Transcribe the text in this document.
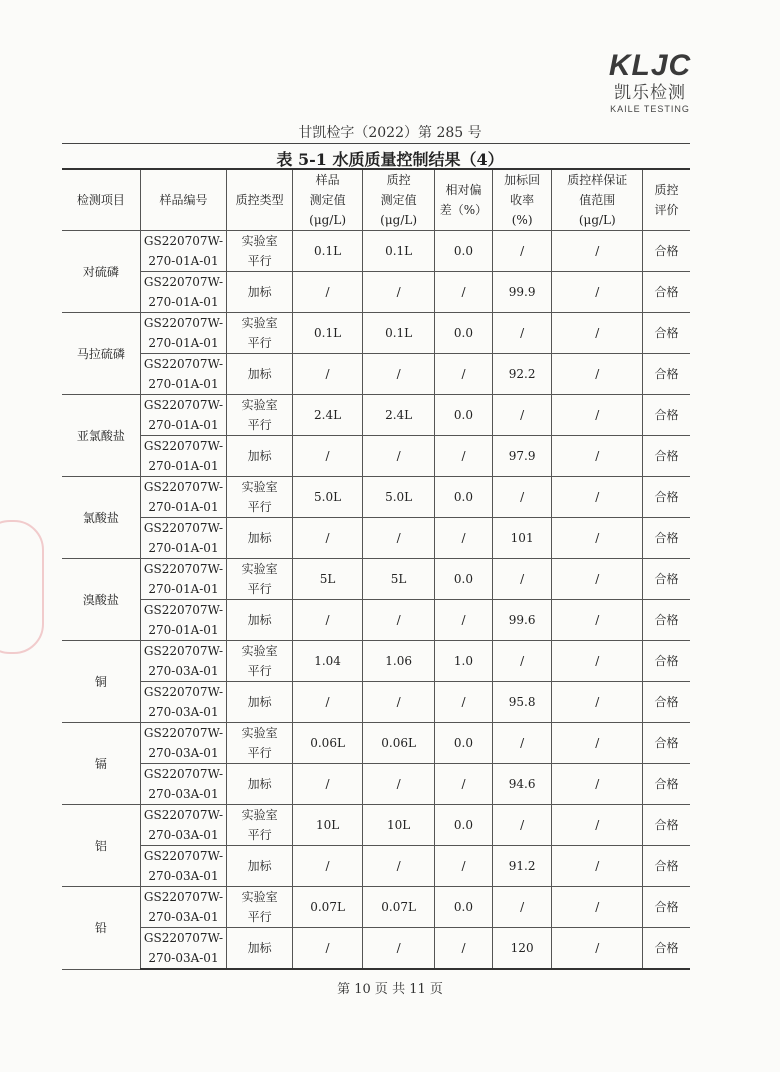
KLJC
凯乐检测
KAILE TESTING
甘凯检字（2022）第 285 号
表 5-1 水质质量控制结果（4）
检测项目	样品编号	质控类型	样品
测定值
(μg/L)	质控
测定值
(μg/L)	相对偏
差（%）	加标回
收率
(%)	质控样保证
值范围
(μg/L)	质控
评价
对硫磷	GS220707W-
270-01A-01	实验室
平行	0.1L	0.1L	0.0	/	/	合格
	GS220707W-
270-01A-01	加标	/	/	/	99.9	/	合格
马拉硫磷	GS220707W-
270-01A-01	实验室
平行	0.1L	0.1L	0.0	/	/	合格
	GS220707W-
270-01A-01	加标	/	/	/	92.2	/	合格
亚氯酸盐	GS220707W-
270-01A-01	实验室
平行	2.4L	2.4L	0.0	/	/	合格
	GS220707W-
270-01A-01	加标	/	/	/	97.9	/	合格
氯酸盐	GS220707W-
270-01A-01	实验室
平行	5.0L	5.0L	0.0	/	/	合格
	GS220707W-
270-01A-01	加标	/	/	/	101	/	合格
溴酸盐	GS220707W-
270-01A-01	实验室
平行	5L	5L	0.0	/	/	合格
	GS220707W-
270-01A-01	加标	/	/	/	99.6	/	合格
铜	GS220707W-
270-03A-01	实验室
平行	1.04	1.06	1.0	/	/	合格
	GS220707W-
270-03A-01	加标	/	/	/	95.8	/	合格
镉	GS220707W-
270-03A-01	实验室
平行	0.06L	0.06L	0.0	/	/	合格
	GS220707W-
270-03A-01	加标	/	/	/	94.6	/	合格
铝	GS220707W-
270-03A-01	实验室
平行	10L	10L	0.0	/	/	合格
	GS220707W-
270-03A-01	加标	/	/	/	91.2	/	合格
铅	GS220707W-
270-03A-01	实验室
平行	0.07L	0.07L	0.0	/	/	合格
	GS220707W-
270-03A-01	加标	/	/	/	120	/	合格
第 10 页 共 11 页
